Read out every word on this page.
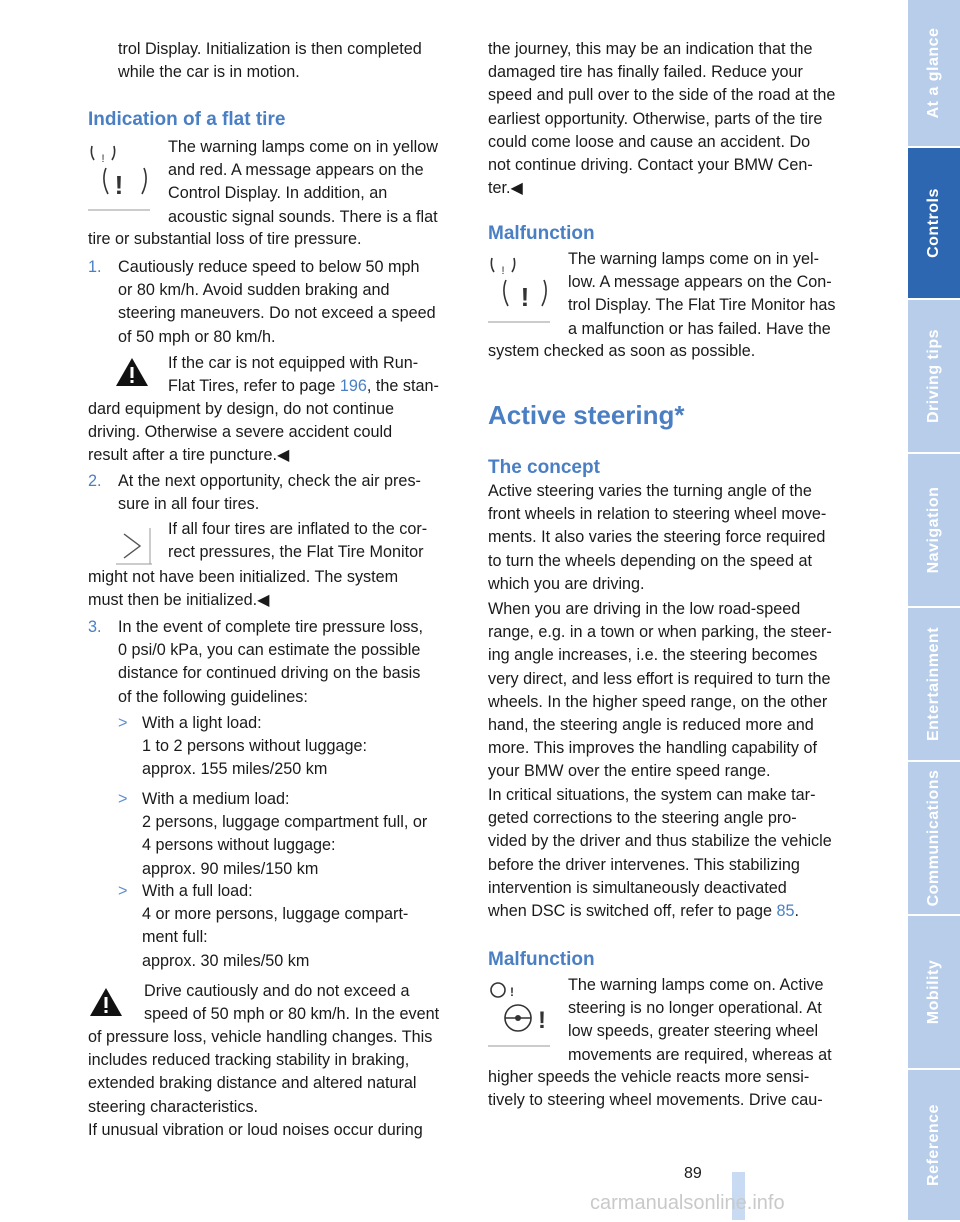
trol Display. Initialization is then completed
while the car is in motion.
Indication of a flat tire
!
!
The warning lamps come on in yellow
and red. A message appears on the
Control Display. In addition, an
acoustic signal sounds. There is a flat
tire or substantial loss of tire pressure.
1. Cautiously reduce speed to below 50 mph
or 80 km/h. Avoid sudden braking and
steering maneuvers. Do not exceed a speed
of 50 mph or 80 km/h.
If the car is not equipped with Run-
Flat Tires, refer to page 196, the stan-
dard equipment by design, do not continue
driving. Otherwise a severe accident could
result after a tire puncture.◀
2. At the next opportunity, check the air pres-
sure in all four tires.
If all four tires are inflated to the cor-
rect pressures, the Flat Tire Monitor
might not have been initialized. The system
must then be initialized.◀
3. In the event of complete tire pressure loss,
0 psi/0 kPa, you can estimate the possible
distance for continued driving on the basis
of the following guidelines:
> With a light load:
1 to 2 persons without luggage:
approx. 155 miles/250 km
> With a medium load:
2 persons, luggage compartment full, or
4 persons without luggage:
approx. 90 miles/150 km
> With a full load:
4 or more persons, luggage compart-
ment full:
approx. 30 miles/50 km
Drive cautiously and do not exceed a
speed of 50 mph or 80 km/h. In the event
of pressure loss, vehicle handling changes. This
includes reduced tracking stability in braking,
extended braking distance and altered natural
steering characteristics.
If unusual vibration or loud noises occur during
the journey, this may be an indication that the
damaged tire has finally failed. Reduce your
speed and pull over to the side of the road at the
earliest opportunity. Otherwise, parts of the tire
could come loose and cause an accident. Do
not continue driving. Contact your BMW Cen-
ter.◀
Malfunction
!
!
The warning lamps come on in yel-
low. A message appears on the Con-
trol Display. The Flat Tire Monitor has
a malfunction or has failed. Have the
system checked as soon as possible.
Active steering*
The concept
Active steering varies the turning angle of the
front wheels in relation to steering wheel move-
ments. It also varies the steering force required
to turn the wheels depending on the speed at
which you are driving.
When you are driving in the low road-speed
range, e.g. in a town or when parking, the steer-
ing angle increases, i.e. the steering becomes
very direct, and less effort is required to turn the
wheels. In the higher speed range, on the other
hand, the steering angle is reduced more and
more. This improves the handling capability of
your BMW over the entire speed range.
In critical situations, the system can make tar-
geted corrections to the steering angle pro-
vided by the driver and thus stabilize the vehicle
before the driver intervenes. This stabilizing
intervention is simultaneously deactivated
when DSC is switched off, refer to page 85.
Malfunction
!
!
The warning lamps come on. Active
steering is no longer operational. At
low speeds, greater steering wheel
movements are required, whereas at
higher speeds the vehicle reacts more sensi-
tively to steering wheel movements. Drive cau-
At a glance
Controls
Driving tips
Navigation
Entertainment
Communications
Mobility
Reference
89
carmanualsonline.info
